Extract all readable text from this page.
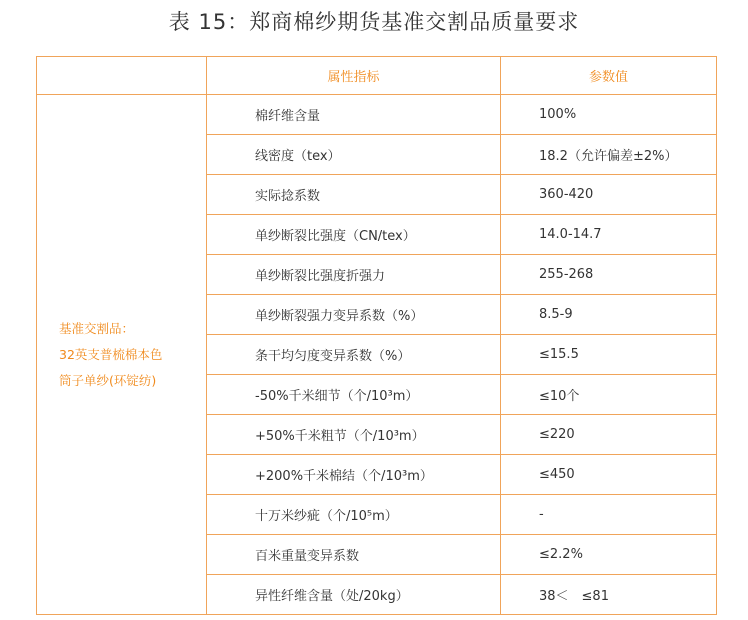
表 15：郑商棉纱期货基准交割品质量要求
	属性指标	参数值

基准交割品：
32英支普梳棉本色
筒子单纱(环锭纺)	棉纤维含量	100%
	线密度（tex）	18.2（允许偏差±2%）
	实际捻系数	360-420
	单纱断裂比强度（CN/tex）	14.0-14.7
	单纱断裂比强度折强力	255-268
	单纱断裂强力变异系数（%）	8.5-9
	条干均匀度变异系数（%）	≤15.5
	-50%千米细节（个/10³m）	≤10个
	+50%千米粗节（个/10³m）	≤220
	+200%千米棉结（个/10³m）	≤450
	十万米纱疵（个/10⁵m）	-
	百米重量变异系数	≤2.2%
	异性纤维含量（处/20kg）	38＜　≤81
